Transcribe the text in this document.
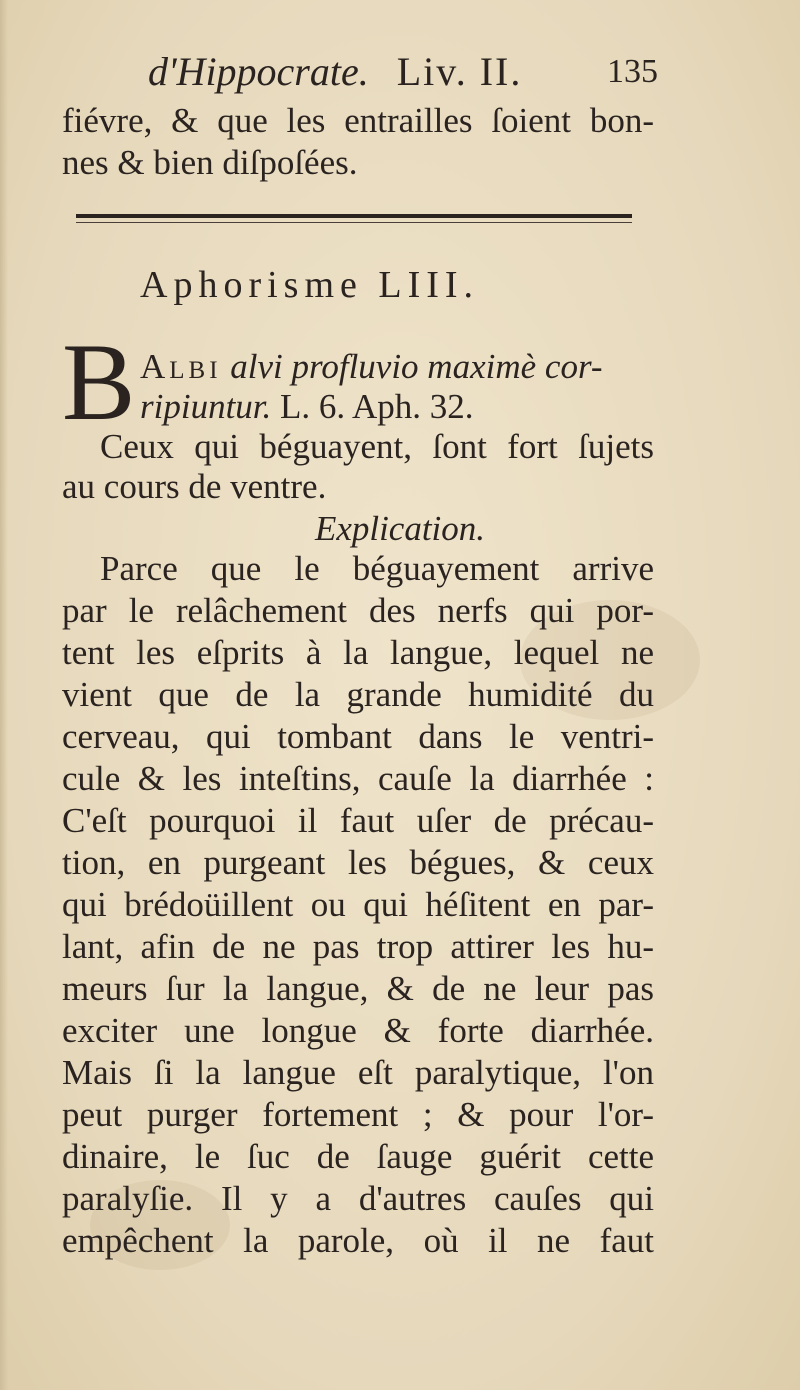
d'Hippocrate. Liv. II. 135
fiévre, & que les entrailles ſoient bon-
nes & bien diſpoſées.
Aphorisme LIII.
B Albi alvi profluvio maximè cor-
ripiuntur. L. 6. Aph. 32.
Ceux qui béguayent, ſont fort ſujets
au cours de ventre.
Explication.
Parce que le béguayement arrive
par le relâchement des nerfs qui por-
tent les eſprits à la langue, lequel ne
vient que de la grande humidité du
cerveau, qui tombant dans le ventri-
cule & les inteſtins, cauſe la diarrhée :
C'eſt pourquoi il faut uſer de précau-
tion, en purgeant les bégues, & ceux
qui brédoüillent ou qui héſitent en par-
lant, afin de ne pas trop attirer les hu-
meurs ſur la langue, & de ne leur pas
exciter une longue & forte diarrhée.
Mais ſi la langue eſt paralytique, l'on
peut purger fortement ; & pour l'or-
dinaire, le ſuc de ſauge guérit cette
paralyſie. Il y a d'autres cauſes qui
empêchent la parole, où il ne faut
